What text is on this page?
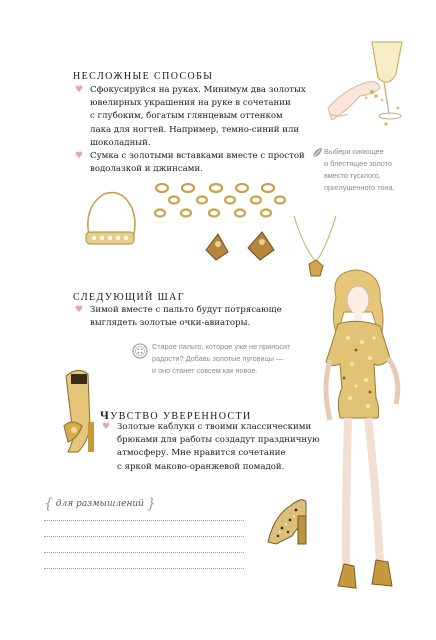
НЕСЛОЖНЫЕ СПОСОБЫ
♥ Сфокусируйся на руках. Минимум два золотых
ювелирных украшения на руке в сочетании
с глубоким, богатым глянцевым оттенком
лака для ногтей. Например, темно-синий или
шоколадный.
♥ Сумка с золотыми вставками вместе с простой
водолазкой и джинсами.
Выбери сияющее
и блестящее золото
вместо тусклого,
приглушенного тона.
СЛЕДУЮЩИЙ ШАГ
♥ Зимой вместе с пальто будут потрясающе
выглядеть золотые очки-авиаторы.
Старое пальто, которое уже не приносит
радости? Добавь золотые пуговицы —
и оно станет совсем как новое.
ЧУВСТВО УВЕРЕННОСТИ
♥ Золотые каблуки с твоими классическими
брюками для работы создадут праздничную
атмосферу. Мне нравится сочетание
с яркой маково-оранжевой помадой.
{ для размышлений }
